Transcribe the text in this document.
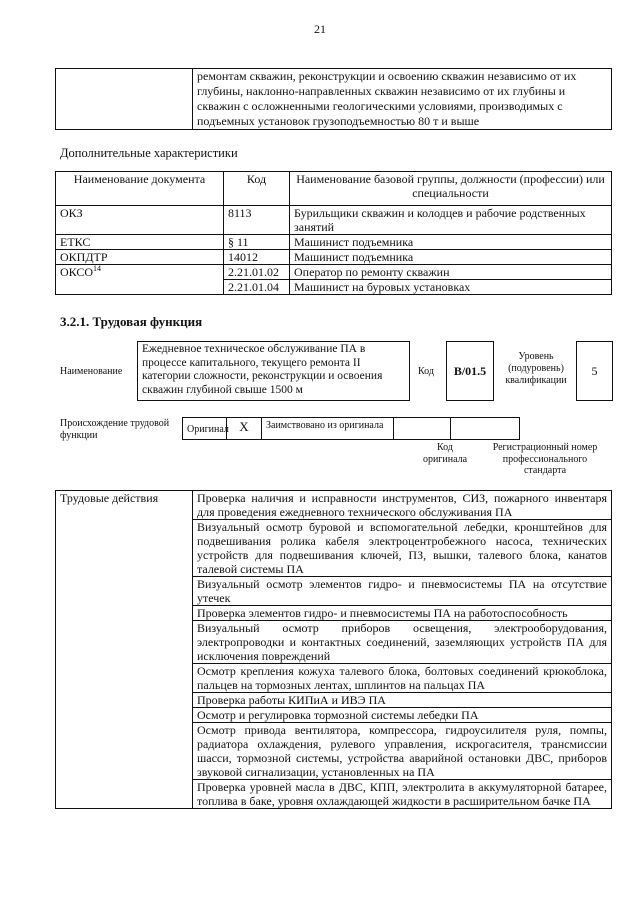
21
	ремонтам скважин, реконструкции и освоению скважин независимо от их глубины, наклонно-направленных скважин независимо от их глубины и скважин с осложненными геологическими условиями, производимых с подъемных установок грузоподъемностью 80 т и выше
Дополнительные характеристики
Наименование документа	Код	Наименование базовой группы, должности (профессии) или специальности
ОКЗ	8113	Бурильщики скважин и колодцев и рабочие родственных занятий
ЕТКС	§ 11	Машинист подъемника
ОКПДТР	14012	Машинист подъемника
ОКСО$^{14}$	2.21.01.02	Оператор по ремонту скважин
	2.21.01.04	Машинист на буровых установках
3.2.1. Трудовая функция
Наименование
Ежедневное техническое обслуживание ПА в процессе капитального, текущего ремонта II категории сложности, реконструкции и освоения скважин глубиной свыше 1500 м
Код	B/01.5
Уровень (подуровень) квалификации
5
Происхождение трудовой функции
Оригинал X	Заимствовано из оригинала
Код оригинала
Регистрационный номер профессионального стандарта
Трудовые действия	Проверка наличия и исправности инструментов, СИЗ, пожарного инвентаря для проведения ежедневного технического обслуживания ПА
Визуальный осмотр буровой и вспомогательной лебедки, кронштейнов для подвешивания ролика кабеля электроцентробежного насоса, технических устройств для подвешивания ключей, ПЗ, вышки, талевого блока, канатов талевой системы ПА
Визуальный осмотр элементов гидро- и пневмосистемы ПА на отсутствие утечек
Проверка элементов гидро- и пневмосистемы ПА на работоспособность
Визуальный осмотр приборов освещения, электрооборудования, электропроводки и контактных соединений, заземляющих устройств ПА для исключения повреждений
Осмотр крепления кожуха талевого блока, болтовых соединений крюкоблока, пальцев на тормозных лентах, шплинтов на пальцах ПА
Проверка работы КИПиА и ИВЭ ПА
Осмотр и регулировка тормозной системы лебедки ПА
Осмотр привода вентилятора, компрессора, гидроусилителя руля, помпы, радиатора охлаждения, рулевого управления, искрогасителя, трансмиссии шасси, тормозной системы, устройства аварийной остановки ДВС, приборов звуковой сигнализации, установленных на ПА
Проверка уровней масла в ДВС, КПП, электролита в аккумуляторной батарее, топлива в баке, уровня охлаждающей жидкости в расширительном бачке ПА
